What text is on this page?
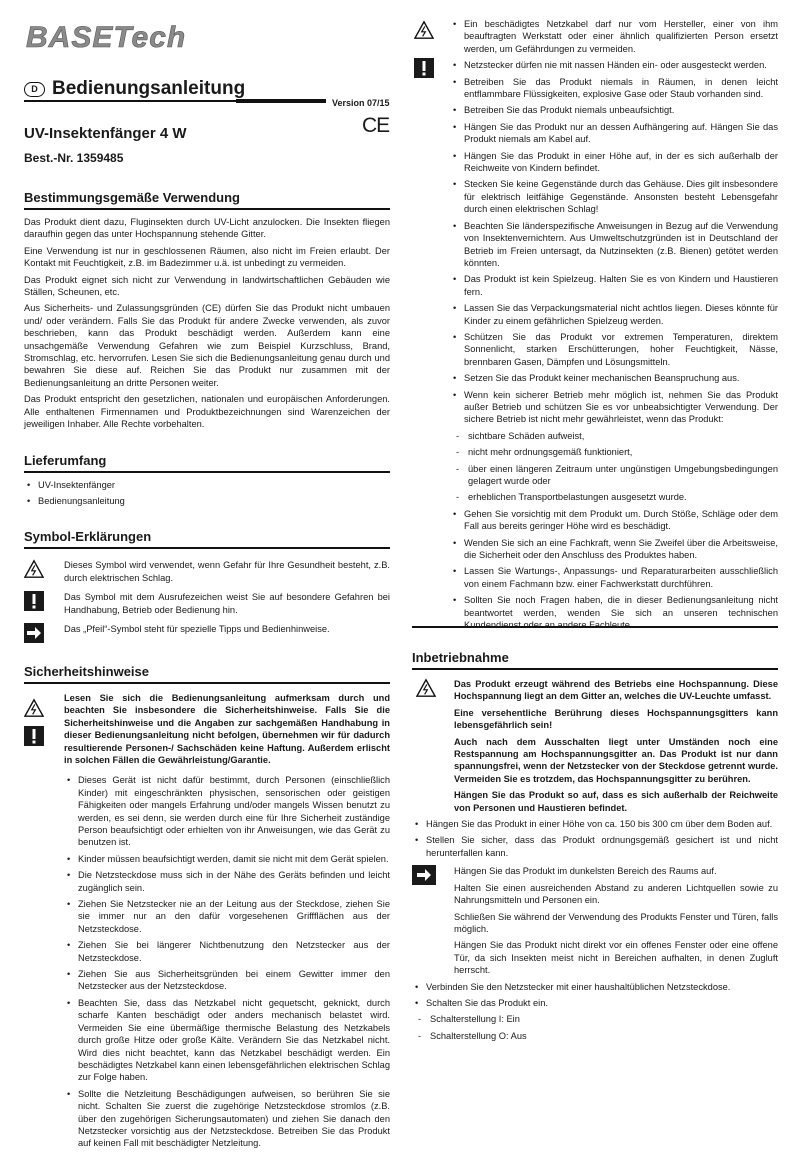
BASETech
D Bedienungsanleitung
Version 07/15
CE
UV-Insektenfänger 4 W
Best.-Nr. 1359485
Bestimmungsgemäße Verwendung

Das Produkt dient dazu, Fluginsekten durch UV-Licht anzulocken. Die Insekten fliegen daraufhin gegen das unter Hochspannung stehende Gitter.

Eine Verwendung ist nur in geschlossenen Räumen, also nicht im Freien erlaubt. Der Kontakt mit Feuchtigkeit, z.B. im Badezimmer u.ä. ist unbedingt zu vermeiden.

Das Produkt eignet sich nicht zur Verwendung in landwirtschaftlichen Gebäuden wie Ställen, Scheunen, etc.

Aus Sicherheits- und Zulassungsgründen (CE) dürfen Sie das Produkt nicht umbauen und/ oder verändern. Falls Sie das Produkt für andere Zwecke verwenden, als zuvor beschrieben, kann das Produkt beschädigt werden. Außerdem kann eine unsachgemäße Verwendung Gefahren wie zum Beispiel Kurzschluss, Brand, Stromschlag, etc. hervorrufen. Lesen Sie sich die Bedienungsanleitung genau durch und bewahren Sie diese auf. Reichen Sie das Produkt nur zusammen mit der Bedienungsanleitung an dritte Personen weiter.

Das Produkt entspricht den gesetzlichen, nationalen und europäischen Anforderungen. Alle enthaltenen Firmennamen und Produktbezeichnungen sind Warenzeichen der jeweiligen Inhaber. Alle Rechte vorbehalten.

Lieferumfang
• UV-Insektenfänger
• Bedienungsanleitung
Symbol-Erklärungen

Dieses Symbol wird verwendet, wenn Gefahr für Ihre Gesundheit besteht, z.B. durch elektrischen Schlag.

Das Symbol mit dem Ausrufezeichen weist Sie auf besondere Gefahren bei Handhabung, Betrieb oder Bedienung hin.

Das „Pfeil“-Symbol steht für spezielle Tipps und Bedienhinweise.

Sicherheitshinweise

Lesen Sie sich die Bedienungsanleitung aufmerksam durch und beachten Sie insbesondere die Sicherheitshinweise. Falls Sie die Sicherheitshinweise und die Angaben zur sachgemäßen Handhabung in dieser Bedienungsanleitung nicht befolgen, übernehmen wir für dadurch resultierende Personen-/ Sachschäden keine Haftung. Außerdem erlischt in solchen Fällen die Gewährleistung/Garantie.

• Dieses Gerät ist nicht dafür bestimmt, durch Personen (einschließlich Kinder) mit eingeschränkten physischen, sensorischen oder geistigen Fähigkeiten oder mangels Erfahrung und/oder mangels Wissen benutzt zu werden, es sei denn, sie werden durch eine für Ihre Sicherheit zuständige Person beaufsichtigt oder erhielten von ihr Anweisungen, wie das Gerät zu benutzen ist.
• Kinder müssen beaufsichtigt werden, damit sie nicht mit dem Gerät spielen.
• Die Netzsteckdose muss sich in der Nähe des Geräts befinden und leicht zugänglich sein.
• Ziehen Sie Netzstecker nie an der Leitung aus der Steckdose, ziehen Sie sie immer nur an den dafür vorgesehenen Griffflächen aus der Netzsteckdose.
• Ziehen Sie bei längerer Nichtbenutzung den Netzstecker aus der Netzsteckdose.
• Ziehen Sie aus Sicherheitsgründen bei einem Gewitter immer den Netzstecker aus der Netzsteckdose.
• Beachten Sie, dass das Netzkabel nicht gequetscht, geknickt, durch scharfe Kanten beschädigt oder anders mechanisch belastet wird. Vermeiden Sie eine übermäßige thermische Belastung des Netzkabels durch große Hitze oder große Kälte. Verändern Sie das Netzkabel nicht. Wird dies nicht beachtet, kann das Netzkabel beschädigt werden. Ein beschädigtes Netzkabel kann einen lebensgefährlichen elektrischen Schlag zur Folge haben.
• Sollte die Netzleitung Beschädigungen aufweisen, so berühren Sie sie nicht. Schalten Sie zuerst die zugehörige Netzsteckdose stromlos (z.B. über den zugehörigen Sicherungsautomaten) und ziehen Sie danach den Netzstecker vorsichtig aus der Netzsteckdose. Betreiben Sie das Produkt auf keinen Fall mit beschädigter Netzleitung.
• Ein beschädigtes Netzkabel darf nur vom Hersteller, einer von ihm beauftragten Werkstatt oder einer ähnlich qualifizierten Person ersetzt werden, um Gefährdungen zu vermeiden.
• Netzstecker dürfen nie mit nassen Händen ein- oder ausgesteckt werden.
• Betreiben Sie das Produkt niemals in Räumen, in denen leicht entflammbare Flüssigkeiten, explosive Gase oder Staub vorhanden sind.
• Betreiben Sie das Produkt niemals unbeaufsichtigt.
• Hängen Sie das Produkt nur an dessen Aufhängering auf. Hängen Sie das Produkt niemals am Kabel auf.
• Hängen Sie das Produkt in einer Höhe auf, in der es sich außerhalb der Reichweite von Kindern befindet.
• Stecken Sie keine Gegenstände durch das Gehäuse. Dies gilt insbesondere für elektrisch leitfähige Gegenstände. Ansonsten besteht Lebensgefahr durch einen elektrischen Schlag!
• Beachten Sie länderspezifische Anweisungen in Bezug auf die Verwendung von Insektenvernichtern. Aus Umweltschutzgründen ist in Deutschland der Betrieb im Freien untersagt, da Nutzinsekten (z.B. Bienen) getötet werden könnten.
• Das Produkt ist kein Spielzeug. Halten Sie es von Kindern und Haustieren fern.
• Lassen Sie das Verpackungsmaterial nicht achtlos liegen. Dieses könnte für Kinder zu einem gefährlichen Spielzeug werden.
• Schützen Sie das Produkt vor extremen Temperaturen, direktem Sonnenlicht, starken Erschütterungen, hoher Feuchtigkeit, Nässe, brennbaren Gasen, Dämpfen und Lösungsmitteln.
• Setzen Sie das Produkt keiner mechanischen Beanspruchung aus.
• Wenn kein sicherer Betrieb mehr möglich ist, nehmen Sie das Produkt außer Betrieb und schützen Sie es vor unbeabsichtigter Verwendung. Der sichere Betrieb ist nicht mehr gewährleistet, wenn das Produkt:
- sichtbare Schäden aufweist,
- nicht mehr ordnungsgemäß funktioniert,
- über einen längeren Zeitraum unter ungünstigen Umgebungsbedingungen gelagert wurde oder
- erheblichen Transportbelastungen ausgesetzt wurde.
• Gehen Sie vorsichtig mit dem Produkt um. Durch Stöße, Schläge oder dem Fall aus bereits geringer Höhe wird es beschädigt.
• Wenden Sie sich an eine Fachkraft, wenn Sie Zweifel über die Arbeitsweise, die Sicherheit oder den Anschluss des Produktes haben.
• Lassen Sie Wartungs-, Anpassungs- und Reparaturarbeiten ausschließlich von einem Fachmann bzw. einer Fachwerkstatt durchführen.
• Sollten Sie noch Fragen haben, die in dieser Bedienungsanleitung nicht beantwortet werden, wenden Sie sich an unseren technischen Kundendienst oder an andere Fachleute.
Inbetriebnahme

Das Produkt erzeugt während des Betriebs eine Hochspannung. Diese Hochspannung liegt an dem Gitter an, welches die UV-Leuchte umfasst.

Eine versehentliche Berührung dieses Hochspannungsgitters kann lebensgefährlich sein!

Auch nach dem Ausschalten liegt unter Umständen noch eine Restspannung am Hochspannungsgitter an. Das Produkt ist nur dann spannungsfrei, wenn der Netzstecker von der Steckdose getrennt wurde. Vermeiden Sie es trotzdem, das Hochspannungsgitter zu berühren.

Hängen Sie das Produkt so auf, dass es sich außerhalb der Reichweite von Personen und Haustieren befindet.

• Hängen Sie das Produkt in einer Höhe von ca. 150 bis 300 cm über dem Boden auf.
• Stellen Sie sicher, dass das Produkt ordnungsgemäß gesichert ist und nicht herunterfallen kann.

Hängen Sie das Produkt im dunkelsten Bereich des Raums auf.

Halten Sie einen ausreichenden Abstand zu anderen Lichtquellen sowie zu Nahrungsmitteln und Personen ein.

Schließen Sie während der Verwendung des Produkts Fenster und Türen, falls möglich.

Hängen Sie das Produkt nicht direkt vor ein offenes Fenster oder eine offene Tür, da sich Insekten meist nicht in Bereichen aufhalten, in denen Zugluft herrscht.

• Verbinden Sie den Netzstecker mit einer haushaltüblichen Netzsteckdose.
• Schalten Sie das Produkt ein.
- Schalterstellung I: Ein
- Schalterstellung O: Aus
